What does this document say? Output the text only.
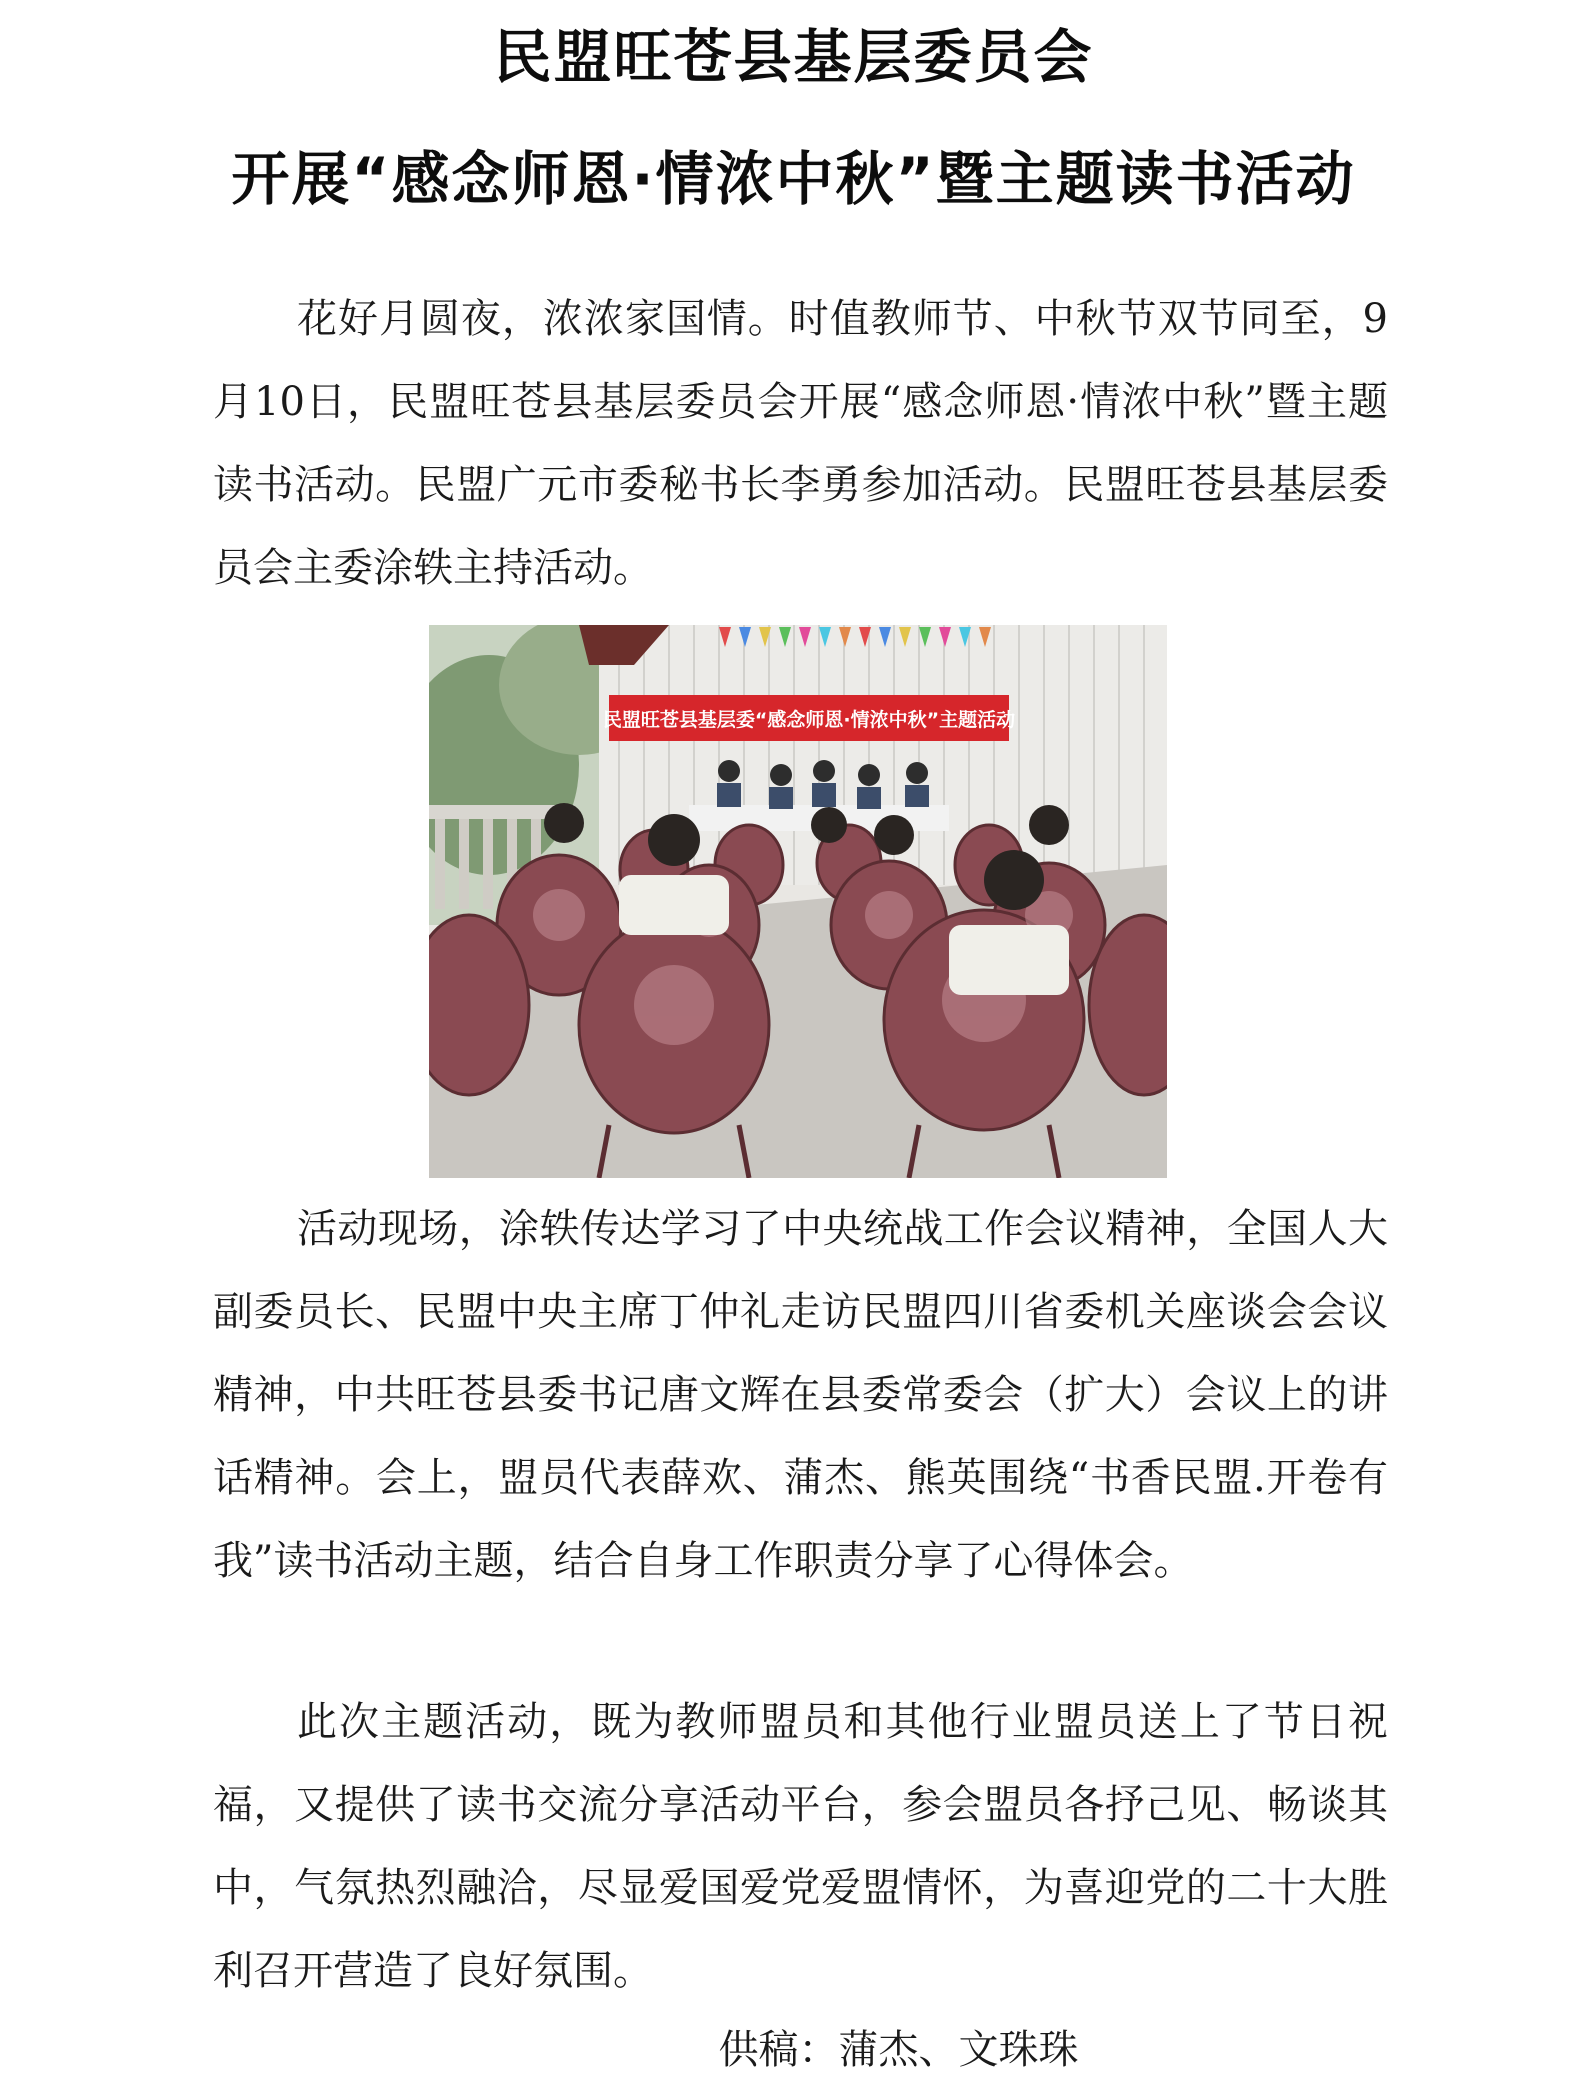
民盟旺苍县基层委员会
开展“感念师恩·情浓中秋”暨主题读书活动

花好月圆夜，浓浓家国情。时值教师节、中秋节双节同至，9月10日，民盟旺苍县基层委员会开展“感念师恩·情浓中秋”暨主题读书活动。民盟广元市委秘书长李勇参加活动。民盟旺苍县基层委员会主委涂轶主持活动。

民盟旺苍县基层委“感念师恩·情浓中秋”主题活动

活动现场，涂轶传达学习了中央统战工作会议精神，全国人大副委员长、民盟中央主席丁仲礼走访民盟四川省委机关座谈会会议精神，中共旺苍县委书记唐文辉在县委常委会（扩大）会议上的讲话精神。会上，盟员代表薛欢、蒲杰、熊英围绕“书香民盟.开卷有我”读书活动主题，结合自身工作职责分享了心得体会。

此次主题活动，既为教师盟员和其他行业盟员送上了节日祝福，又提供了读书交流分享活动平台，参会盟员各抒己见、畅谈其中，气氛热烈融洽，尽显爱国爱党爱盟情怀，为喜迎党的二十大胜利召开营造了良好氛围。

供稿：蒲杰、文珠珠
